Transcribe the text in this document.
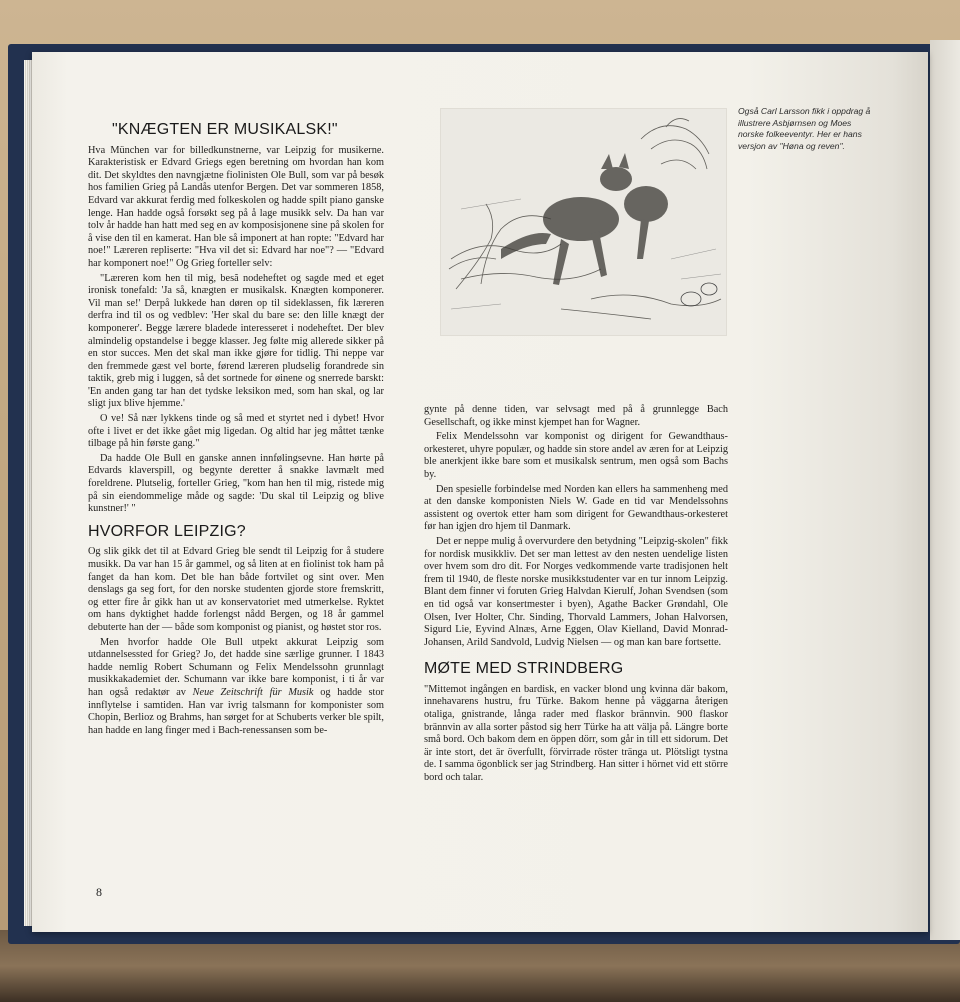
"KNÆGTEN ER MUSIKALSK!"

Hva München var for billedkunstnerne, var Leipzig for musikerne. Karakteristisk er Edvard Griegs egen beretning om hvordan han kom dit. Det skyldtes den navngjætne fiolinisten Ole Bull, som var på besøk hos familien Grieg på Landås utenfor Bergen. Det var sommeren 1858, Edvard var akkurat ferdig med folkeskolen og hadde spilt piano ganske lenge. Han hadde også forsøkt seg på å lage musikk selv. Da han var tolv år hadde han hatt med seg en av komposisjonene sine på skolen for å vise den til en kamerat. Han ble så imponert at han ropte: "Edvard har noe!" Læreren repliserte: "Hva vil det si: Edvard har noe"? — "Edvard har komponert noe!" Og Grieg forteller selv:

"Læreren kom hen til mig, besã nodeheftet og sagde med et eget ironisk tonefald: 'Ja så, knægten er musikalsk. Knægten komponerer. Vil man se!' Derpå lukkede han døren op til sideklassen, fik læreren derfra ind til os og vedblev: 'Her skal du bare se: den lille knægt der komponerer'. Begge lærere bladede interesseret i nodeheftet. Der blev almindelig opstandelse i begge klasser. Jeg følte mig allerede sikker på en stor succes. Men det skal man ikke gjøre for tidlig. Thi neppe var den fremmede gæst vel borte, førend læreren pludselig forandrede sin taktik, greb mig i luggen, så det sortnede for øinene og snerrede barskt: 'En anden gang tar han det tydske leksikon med, som han skal, og lar sligt jux blive hjemme.'

O ve! Så nær lykkens tinde og så med et styrtet ned i dybet! Hvor ofte i livet er det ikke gået mig ligedan. Og altid har jeg måttet tænke tilbage på hin første gang."

Da hadde Ole Bull en ganske annen innfølingsevne. Han hørte på Edvards klaverspill, og begynte deretter å snakke lavmælt med foreldrene. Plutselig, forteller Grieg, "kom han hen til mig, ristede mig på sin eiendommelige måde og sagde: 'Du skal til Leipzig og blive kunstner!' "

HVORFOR LEIPZIG?

Og slik gikk det til at Edvard Grieg ble sendt til Leipzig for å studere musikk. Da var han 15 år gammel, og så liten at en fiolinist tok ham på fanget da han kom. Det ble han både fortvilet og sint over. Men denslags ga seg fort, for den norske studenten gjorde store fremskritt, og etter fire år gikk han ut av konservatoriet med utmerkelse. Ryktet om hans dyktighet hadde forlengst nådd Bergen, og 18 år gammel debuterte han der — både som komponist og pianist, og høstet stor ros.

Men hvorfor hadde Ole Bull utpekt akkurat Leipzig som utdannelsessted for Grieg? Jo, det hadde sine særlige grunner. I 1843 hadde nemlig Robert Schumann og Felix Mendelssohn grunnlagt musikkakademiet der. Schumann var ikke bare komponist, i ti år var han også redaktør av Neue Zeitschrift für Musik og hadde stor innflytelse i samtiden. Han var ivrig talsmann for komponister som Chopin, Berlioz og Brahms, han sørget for at Schuberts verker ble spilt, han hadde en lang finger med i Bach-renessansen som be-

Også Carl Larsson fikk i oppdrag å illustrere Asbjørnsen og Moes norske folkeeventyr. Her er hans versjon av "Høna og reven".

gynte på denne tiden, var selvsagt med på å grunnlegge Bach Gesellschaft, og ikke minst kjempet han for Wagner.

Felix Mendelssohn var komponist og dirigent for Gewandthaus-orkesteret, uhyre populær, og hadde sin store andel av æren for at Leipzig ble anerkjent ikke bare som et musikalsk sentrum, men også som Bachs by.

Den spesielle forbindelse med Norden kan ellers ha sammenheng med at den danske komponisten Niels W. Gade en tid var Mendelssohns assistent og overtok etter ham som dirigent for Gewandthaus-orkesteret før han igjen dro hjem til Danmark.

Det er neppe mulig å overvurdere den betydning "Leipzig-skolen" fikk for nordisk musikkliv. Det ser man lettest av den nesten uendelige listen over hvem som dro dit. For Norges vedkommende varte tradisjonen helt frem til 1940, de fleste norske musikkstudenter var en tur innom Leipzig. Blant dem finner vi foruten Grieg Halvdan Kierulf, Johan Svendsen (som en tid også var konsertmester i byen), Agathe Backer Grøndahl, Ole Olsen, Iver Holter, Chr. Sinding, Thorvald Lammers, Johan Halvorsen, Sigurd Lie, Eyvind Alnæs, Arne Eggen, Olav Kielland, David Monrad-Johansen, Arild Sandvold, Ludvig Nielsen — og man kan bare fortsette.

MØTE MED STRINDBERG

"Mittemot ingången en bardisk, en vacker blond ung kvinna där bakom, innehavarens hustru, fru Türke. Bakom henne på väggarna återigen otaliga, gnistrande, långa rader med flaskor brännvin. 900 flaskor brännvin av alla sorter påstod sig herr Türke ha att välja på. Längre borte små bord. Och bakom dem en öppen dörr, som går in till ett sidorum. Det är inte stort, det är överfullt, förvirrade röster tränga ut. Plötsligt tystna de. I samma ögonblick ser jag Strindberg. Han sitter i hörnet vid ett större bord och talar.

8
